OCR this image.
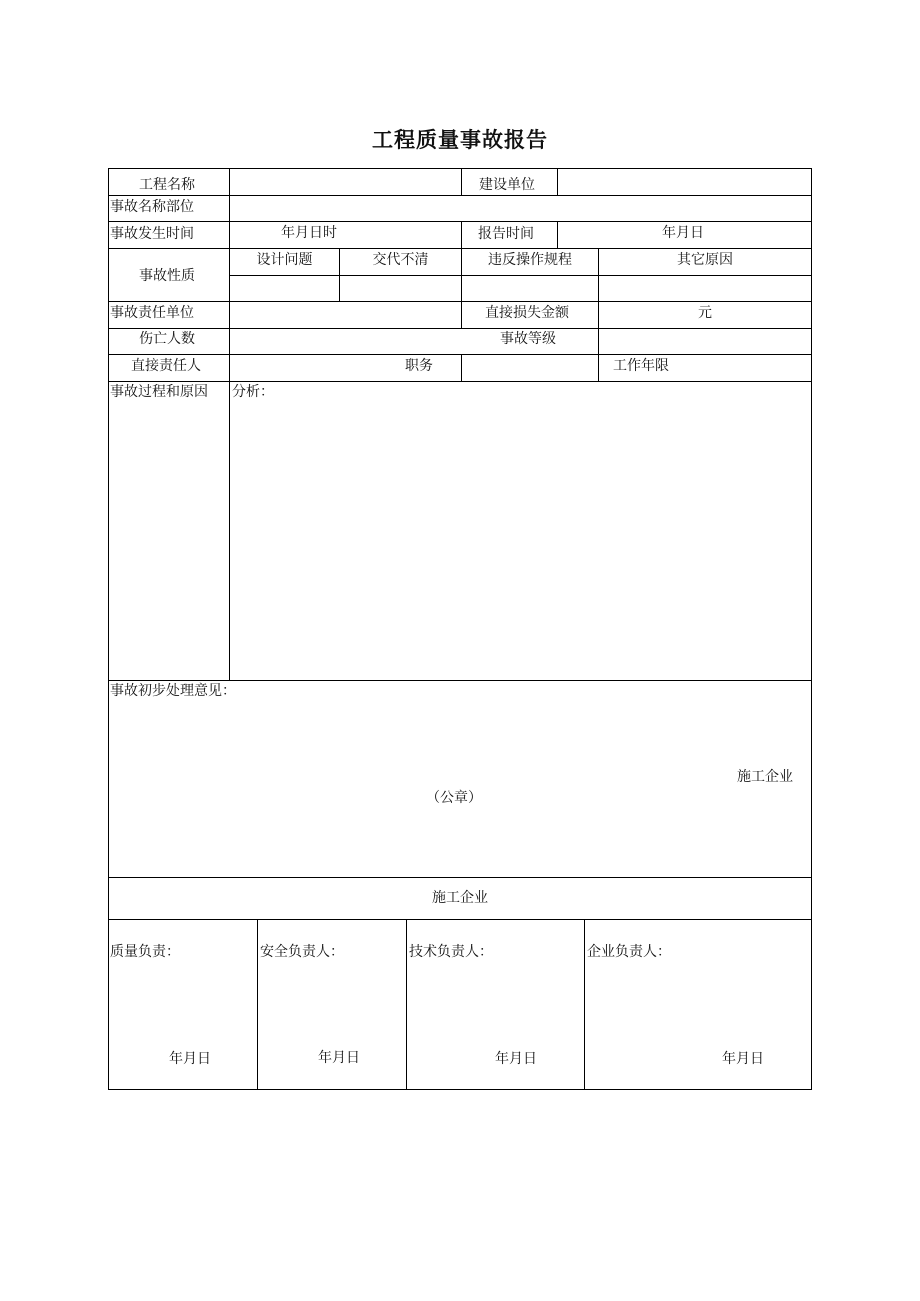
工程质量事故报告
工程名称	建设单位
事故名称部位
事故发生时间	年月日时	报告时间	年月日
事故性质
设计问题	交代不清	违反操作规程	其它原因
事故责任单位	直接损失金额	元
伤亡人数	事故等级
直接责任人	职务	工作年限
事故过程和原因 分析：
事故初步处理意见：
施工企业
（公章）
施工企业
质量负责：
年月日
安全负责人：
年月日
技术负责人：
年月日
企业负责人：
年月日
